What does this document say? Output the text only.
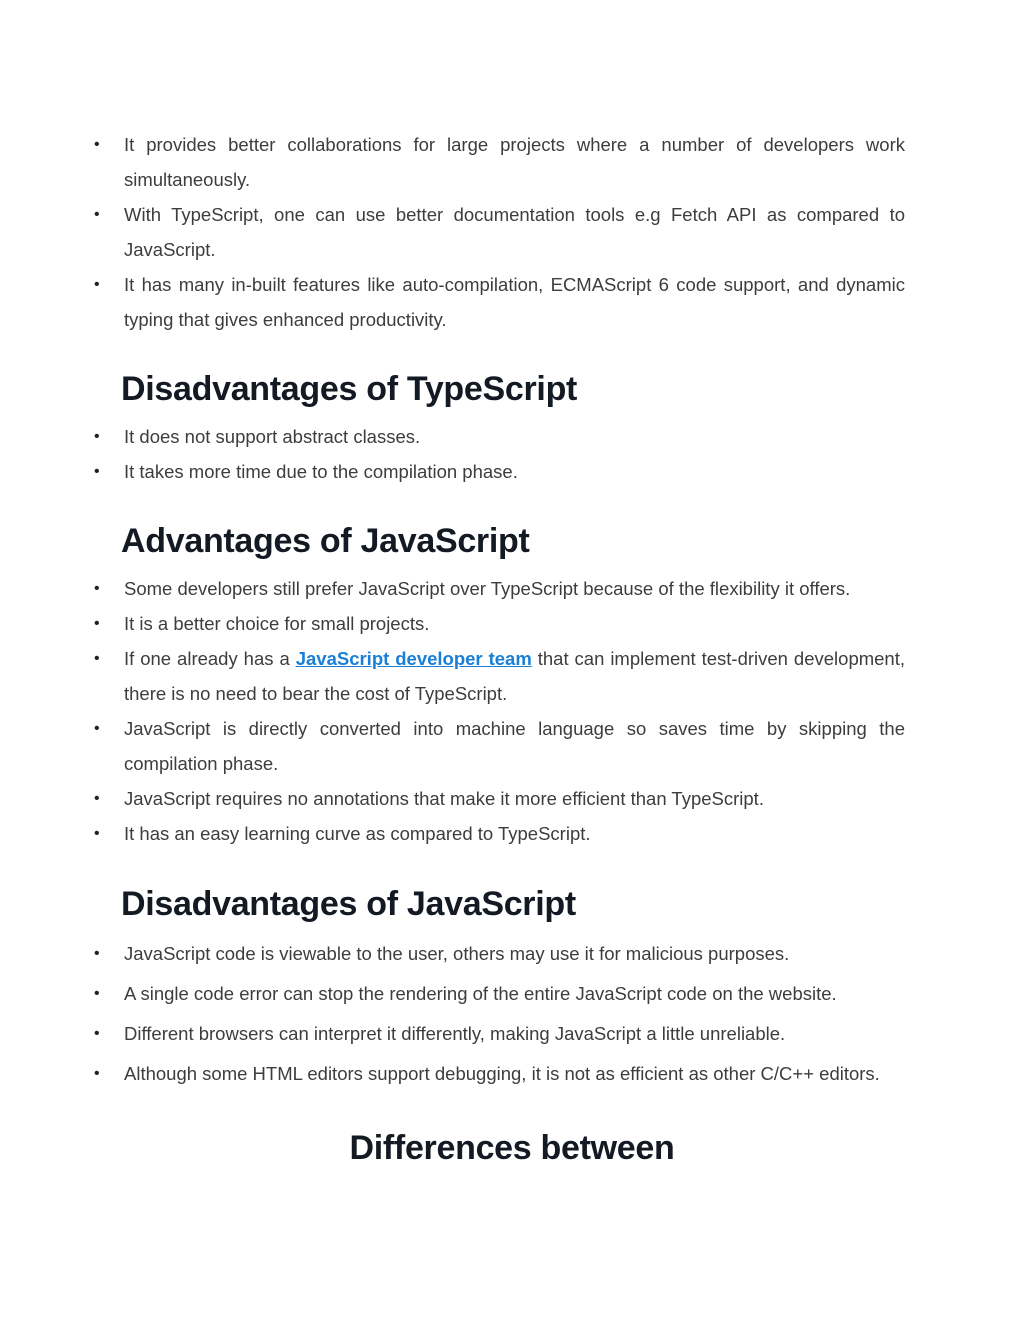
• It provides better collaborations for large projects where a number of developers work simultaneously.
• With TypeScript, one can use better documentation tools e.g Fetch API as compared to JavaScript.
• It has many in-built features like auto-compilation, ECMAScript 6 code support, and dynamic typing that gives enhanced productivity.
Disadvantages of TypeScript
• It does not support abstract classes.
• It takes more time due to the compilation phase.
Advantages of JavaScript
• Some developers still prefer JavaScript over TypeScript because of the flexibility it offers.
• It is a better choice for small projects.
• If one already has a JavaScript developer team that can implement test-driven development, there is no need to bear the cost of TypeScript.
• JavaScript is directly converted into machine language so saves time by skipping the compilation phase.
• JavaScript requires no annotations that make it more efficient than TypeScript.
• It has an easy learning curve as compared to TypeScript.
Disadvantages of JavaScript
• JavaScript code is viewable to the user, others may use it for malicious purposes.
• A single code error can stop the rendering of the entire JavaScript code on the website.
• Different browsers can interpret it differently, making JavaScript a little unreliable.
• Although some HTML editors support debugging, it is not as efficient as other C/C++ editors.
Differences between
